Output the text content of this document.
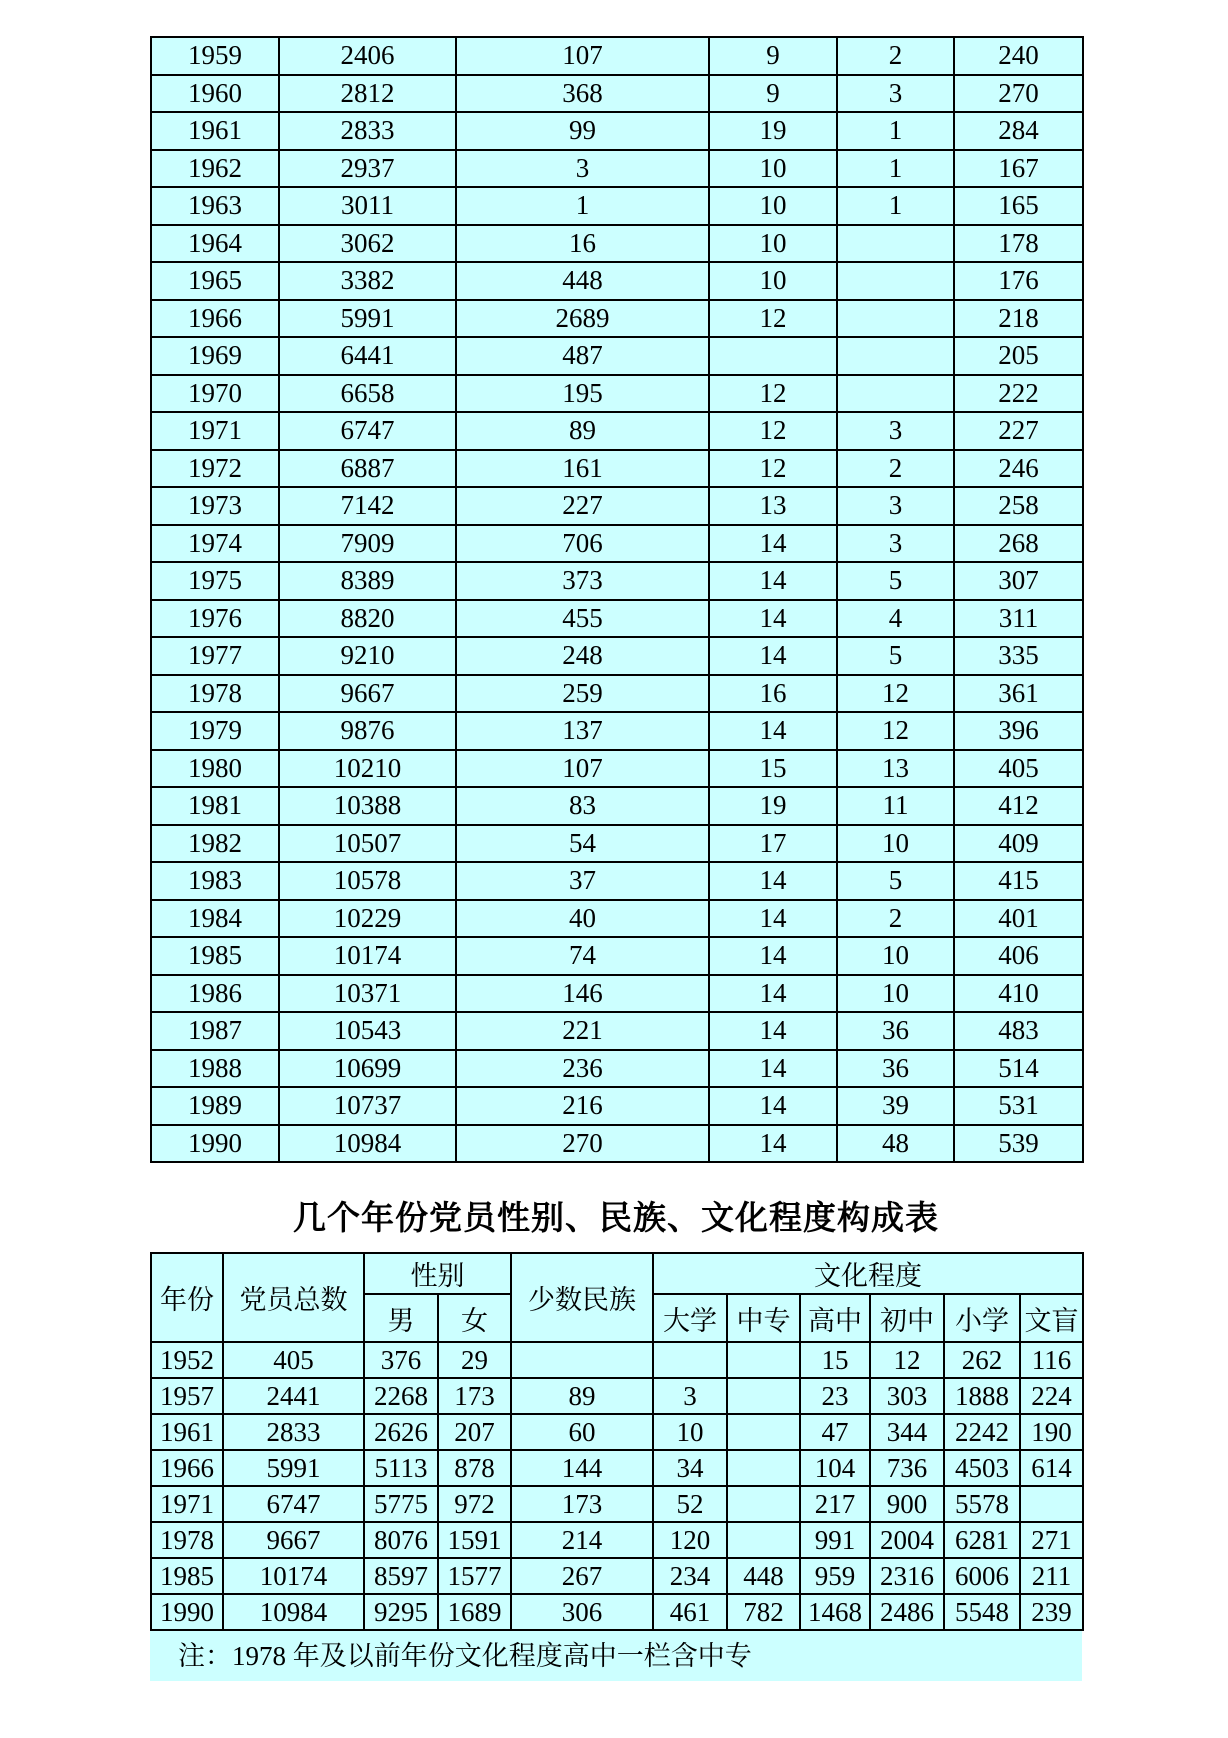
1959	2406	107	9	2	240
1960	2812	368	9	3	270
1961	2833	99	19	1	284
1962	2937	3	10	1	167
1963	3011	1	10	1	165
1964	3062	16	10		178
1965	3382	448	10		176
1966	5991	2689	12		218
1969	6441	487			205
1970	6658	195	12		222
1971	6747	89	12	3	227
1972	6887	161	12	2	246
1973	7142	227	13	3	258
1974	7909	706	14	3	268
1975	8389	373	14	5	307
1976	8820	455	14	4	311
1977	9210	248	14	5	335
1978	9667	259	16	12	361
1979	9876	137	14	12	396
1980	10210	107	15	13	405
1981	10388	83	19	11	412
1982	10507	54	17	10	409
1983	10578	37	14	5	415
1984	10229	40	14	2	401
1985	10174	74	14	10	406
1986	10371	146	14	10	410
1987	10543	221	14	36	483
1988	10699	236	14	36	514
1989	10737	216	14	39	531
1990	10984	270	14	48	539
几个年份党员性别、民族、文化程度构成表
年份	党员总数	性别		少数民族	文化程度					
		男	女		大学	中专	高中	初中	小学	文盲
1952	405	376	29				15	12	262	116
1957	2441	2268	173	89	3		23	303	1888	224
1961	2833	2626	207	60	10		47	344	2242	190
1966	5991	5113	878	144	34		104	736	4503	614
1971	6747	5775	972	173	52		217	900	5578	
1978	9667	8076	1591	214	120		991	2004	6281	271
1985	10174	8597	1577	267	234	448	959	2316	6006	211
1990	10984	9295	1689	306	461	782	1468	2486	5548	239
注：1978 年及以前年份文化程度高中一栏含中专
